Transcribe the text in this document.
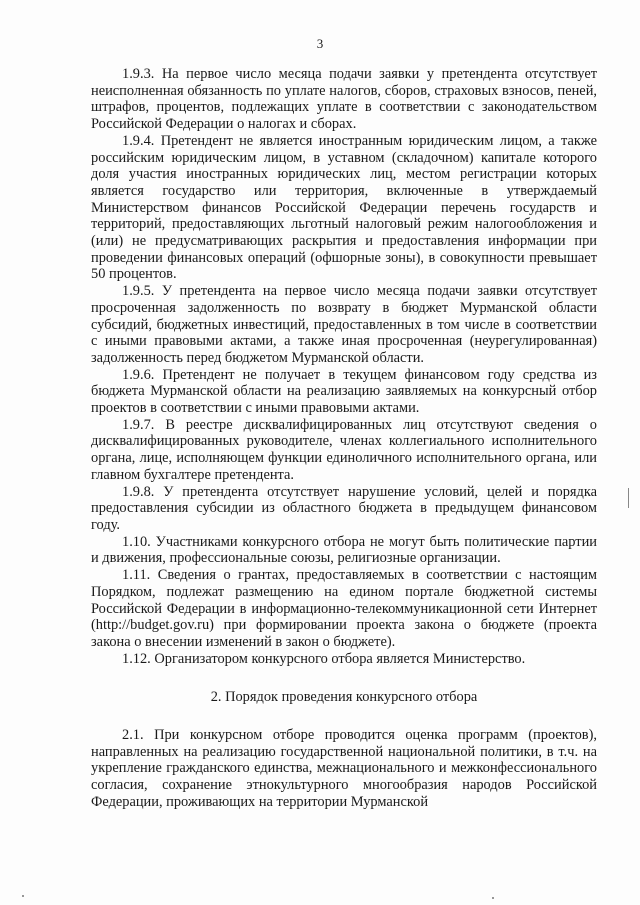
3

1.9.3. На первое число месяца подачи заявки у претендента отсутствует неисполненная обязанность по уплате налогов, сборов, страховых взносов, пеней, штрафов, процентов, подлежащих уплате в соответствии с законодательством Российской Федерации о налогах и сборах.

1.9.4. Претендент не является иностранным юридическим лицом, а также российским юридическим лицом, в уставном (складочном) капитале которого доля участия иностранных юридических лиц, местом регистрации которых является государство или территория, включенные в утверждаемый Министерством финансов Российской Федерации перечень государств и территорий, предоставляющих льготный налоговый режим налогообложения и (или) не предусматривающих раскрытия и предоставления информации при проведении финансовых операций (офшорные зоны), в совокупности превышает 50 процентов.

1.9.5. У претендента на первое число месяца подачи заявки отсутствует просроченная задолженность по возврату в бюджет Мурманской области субсидий, бюджетных инвестиций, предоставленных в том числе в соответствии с иными правовыми актами, а также иная просроченная (неурегулированная) задолженность перед бюджетом Мурманской области.

1.9.6. Претендент не получает в текущем финансовом году средства из бюджета Мурманской области на реализацию заявляемых на конкурсный отбор проектов в соответствии с иными правовыми актами.

1.9.7. В реестре дисквалифицированных лиц отсутствуют сведения о дисквалифицированных руководителе, членах коллегиального исполнительного органа, лице, исполняющем функции единоличного исполнительного органа, или главном бухгалтере претендента.

1.9.8. У претендента отсутствует нарушение условий, целей и порядка предоставления субсидии из областного бюджета в предыдущем финансовом году.

1.10. Участниками конкурсного отбора не могут быть политические партии и движения, профессиональные союзы, религиозные организации.

1.11. Сведения о грантах, предоставляемых в соответствии с настоящим Порядком, подлежат размещению на едином портале бюджетной системы Российской Федерации в информационно-телекоммуникационной сети Интернет (http://budget.gov.ru) при формировании проекта закона о бюджете (проекта закона о внесении изменений в закон о бюджете).

1.12. Организатором конкурсного отбора является Министерство.

2. Порядок проведения конкурсного отбора

2.1. При конкурсном отборе проводится оценка программ (проектов), направленных на реализацию государственной национальной политики, в т.ч. на укрепление гражданского единства, межнационального и межконфессионального согласия, сохранение этнокультурного многообразия народов Российской Федерации, проживающих на территории Мурманской
